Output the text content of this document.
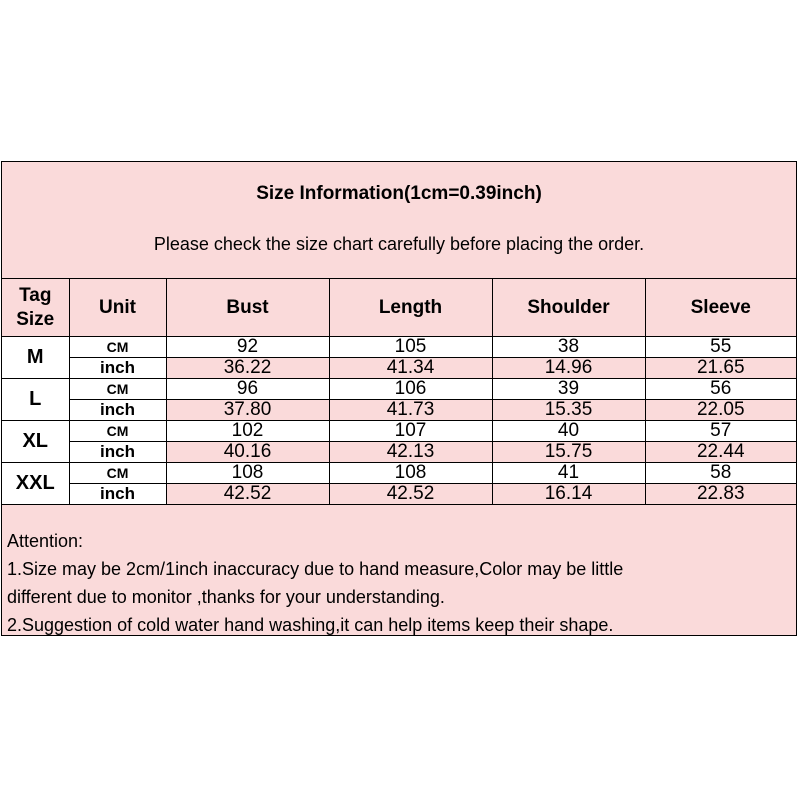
Size Information(1cm=0.39inch)
Please check the size chart carefully before placing the order.
Tag
Size	Unit	Bust	Length	Shoulder	Sleeve
M	CM	92	105	38	55
	inch	36.22	41.34	14.96	21.65
L	CM	96	106	39	56
	inch	37.80	41.73	15.35	22.05
XL	CM	102	107	40	57
	inch	40.16	42.13	15.75	22.44
XXL	CM	108	108	41	58
	inch	42.52	42.52	16.14	22.83
Attention:
1.Size may be 2cm/1inch inaccuracy due to hand measure,Color may be little
different due to monitor ,thanks for your understanding.
2.Suggestion of cold water hand washing,it can help items keep their shape.
